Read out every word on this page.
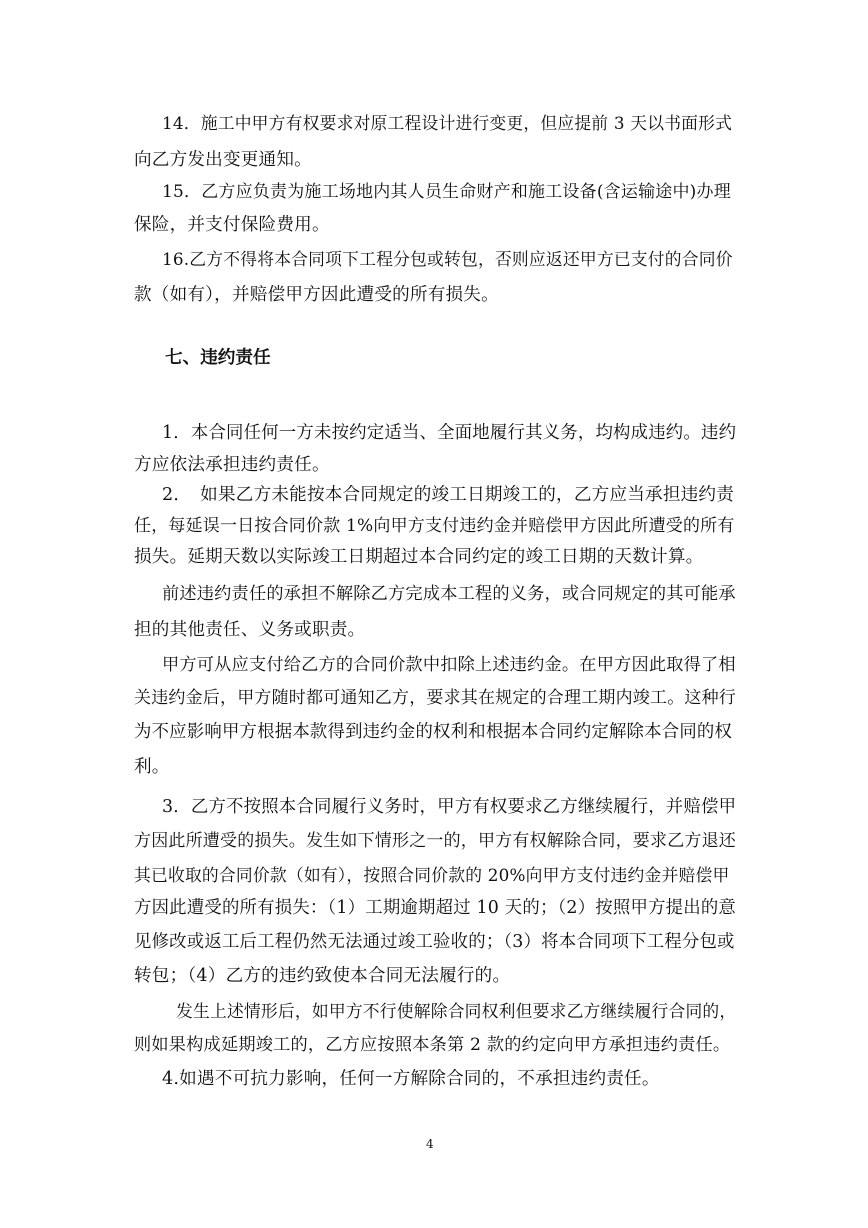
14．施工中甲方有权要求对原工程设计进行变更，但应提前 3 天以书面形式
向乙方发出变更通知。
15．乙方应负责为施工场地内其人员生命财产和施工设备(含运输途中)办理
保险，并支付保险费用。
16.乙方不得将本合同项下工程分包或转包，否则应返还甲方已支付的合同价
款（如有），并赔偿甲方因此遭受的所有损失。
七、违约责任
1．本合同任何一方未按约定适当、全面地履行其义务，均构成违约。违约
方应依法承担违约责任。
2．　如果乙方未能按本合同规定的竣工日期竣工的，乙方应当承担违约责
任，每延误一日按合同价款 1%向甲方支付违约金并赔偿甲方因此所遭受的所有
损失。延期天数以实际竣工日期超过本合同约定的竣工日期的天数计算。
前述违约责任的承担不解除乙方完成本工程的义务，或合同规定的其可能承
担的其他责任、义务或职责。
甲方可从应支付给乙方的合同价款中扣除上述违约金。在甲方因此取得了相
关违约金后，甲方随时都可通知乙方，要求其在规定的合理工期内竣工。这种行
为不应影响甲方根据本款得到违约金的权利和根据本合同约定解除本合同的权
利。
3．乙方不按照本合同履行义务时，甲方有权要求乙方继续履行，并赔偿甲
方因此所遭受的损失。发生如下情形之一的，甲方有权解除合同，要求乙方退还
其已收取的合同价款（如有），按照合同价款的 20%向甲方支付违约金并赔偿甲
方因此遭受的所有损失：（1）工期逾期超过 10 天的；（2）按照甲方提出的意
见修改或返工后工程仍然无法通过竣工验收的；（3）将本合同项下工程分包或
转包；（4）乙方的违约致使本合同无法履行的。
发生上述情形后，如甲方不行使解除合同权利但要求乙方继续履行合同的，
则如果构成延期竣工的，乙方应按照本条第 2 款的约定向甲方承担违约责任。
4.如遇不可抗力影响，任何一方解除合同的，不承担违约责任。
4
